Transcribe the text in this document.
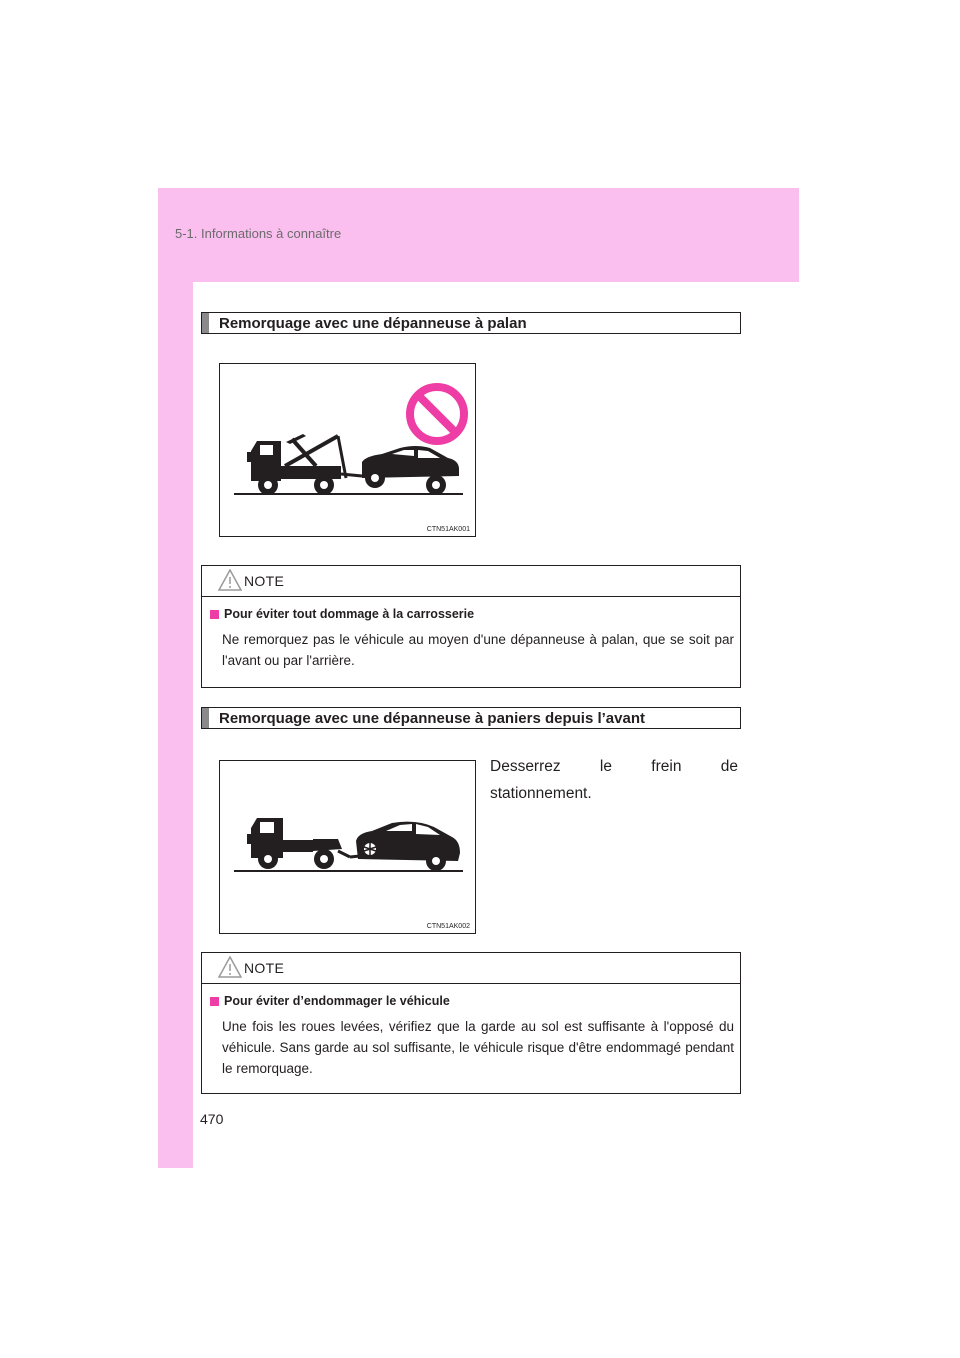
5-1. Informations à connaître
Remorquage avec une dépanneuse à palan
CTN51AK001
NOTE
Pour éviter tout dommage à la carrosserie
Ne remorquez pas le véhicule au moyen d'une dépanneuse à palan, que se soit par l'avant ou par l'arrière.
Remorquage avec une dépanneuse à paniers depuis l’avant
Desserrez le frein de stationnement.
CTN51AK002
NOTE
Pour éviter d’endommager le véhicule
Une fois les roues levées, vérifiez que la garde au sol est suffisante à l'opposé du véhicule. Sans garde au sol suffisante, le véhicule risque d'être endommagé pendant le remorquage.
470
